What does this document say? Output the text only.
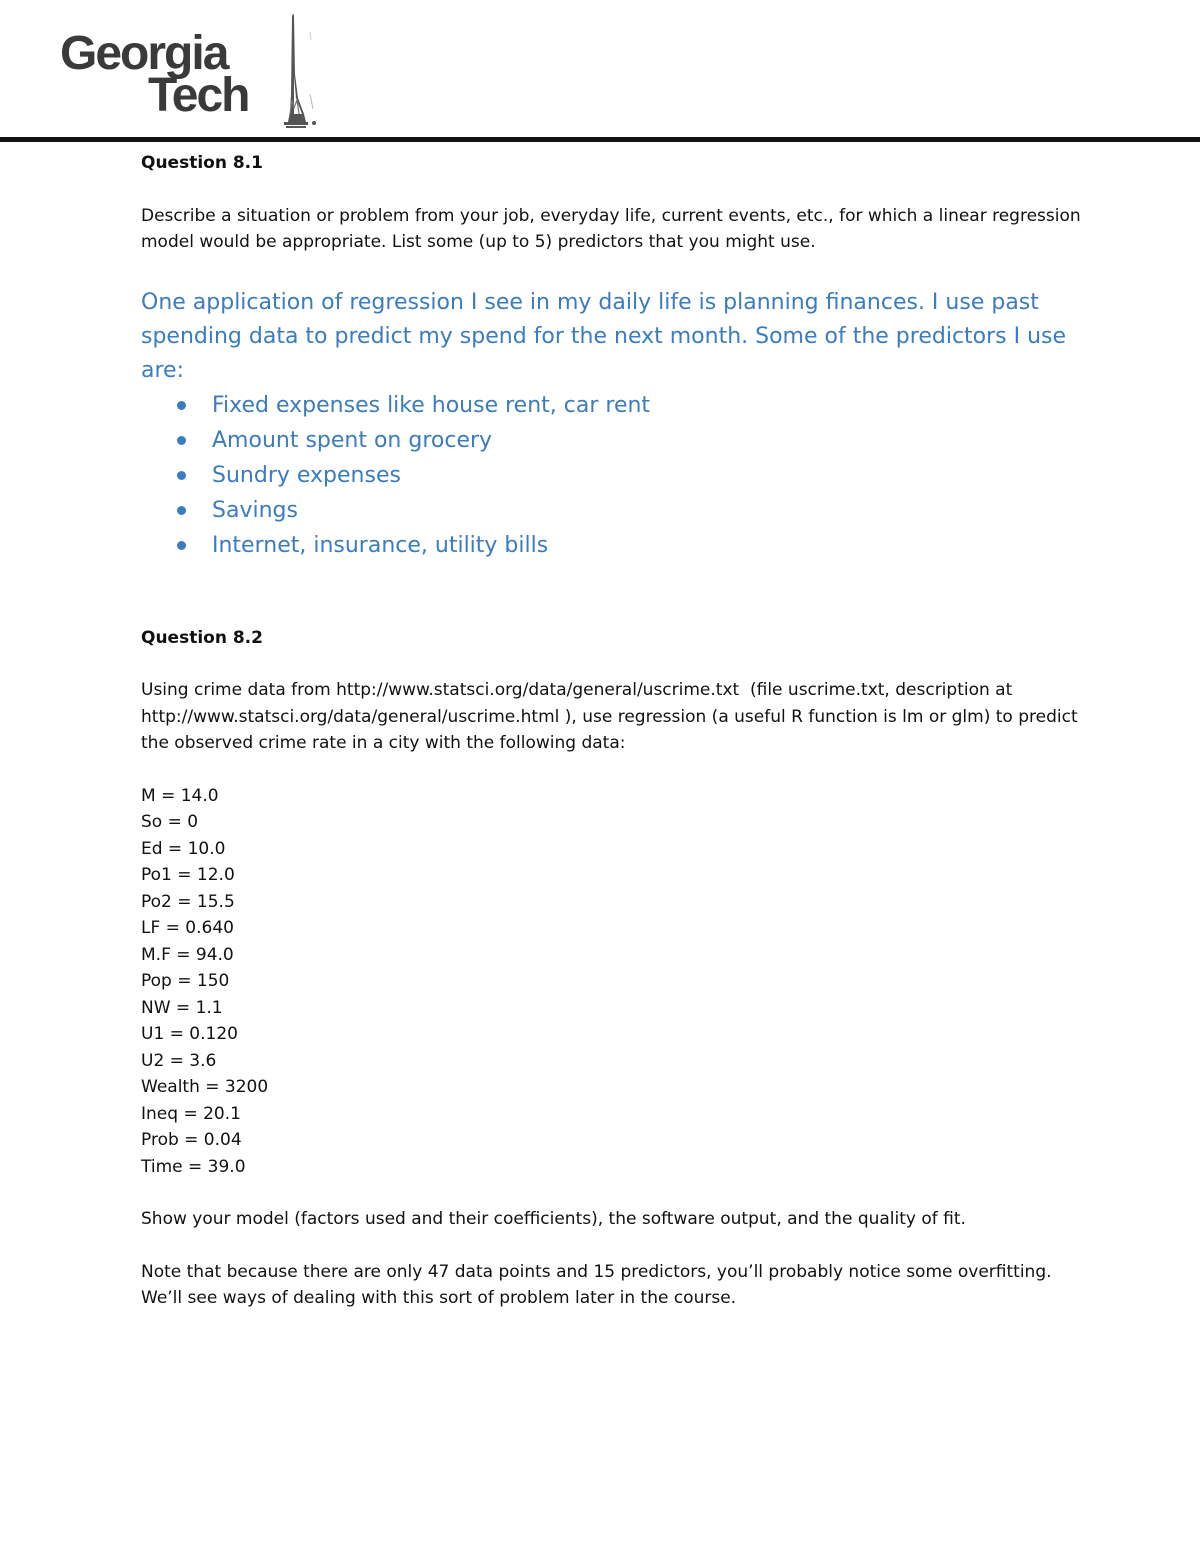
Georgia
Tech

Question 8.1

Describe a situation or problem from your job, everyday life, current events, etc., for which a linear regression model would be appropriate. List some (up to 5) predictors that you might use.

One application of regression I see in my daily life is planning finances. I use past spending data to predict my spend for the next month. Some of the predictors I use are:

Fixed expenses like house rent, car rent
Amount spent on grocery
Sundry expenses
Savings
Internet, insurance, utility bills

Question 8.2

Using crime data from http://www.statsci.org/data/general/uscrime.txt  (file uscrime.txt, description at http://www.statsci.org/data/general/uscrime.html ), use regression (a useful R function is lm or glm) to predict the observed crime rate in a city with the following data:

M = 14.0
So = 0
Ed = 10.0
Po1 = 12.0
Po2 = 15.5
LF = 0.640
M.F = 94.0
Pop = 150
NW = 1.1
U1 = 0.120
U2 = 3.6
Wealth = 3200
Ineq = 20.1
Prob = 0.04
Time = 39.0

Show your model (factors used and their coefficients), the software output, and the quality of fit.

Note that because there are only 47 data points and 15 predictors, you’ll probably notice some overfitting. We’ll see ways of dealing with this sort of problem later in the course.
